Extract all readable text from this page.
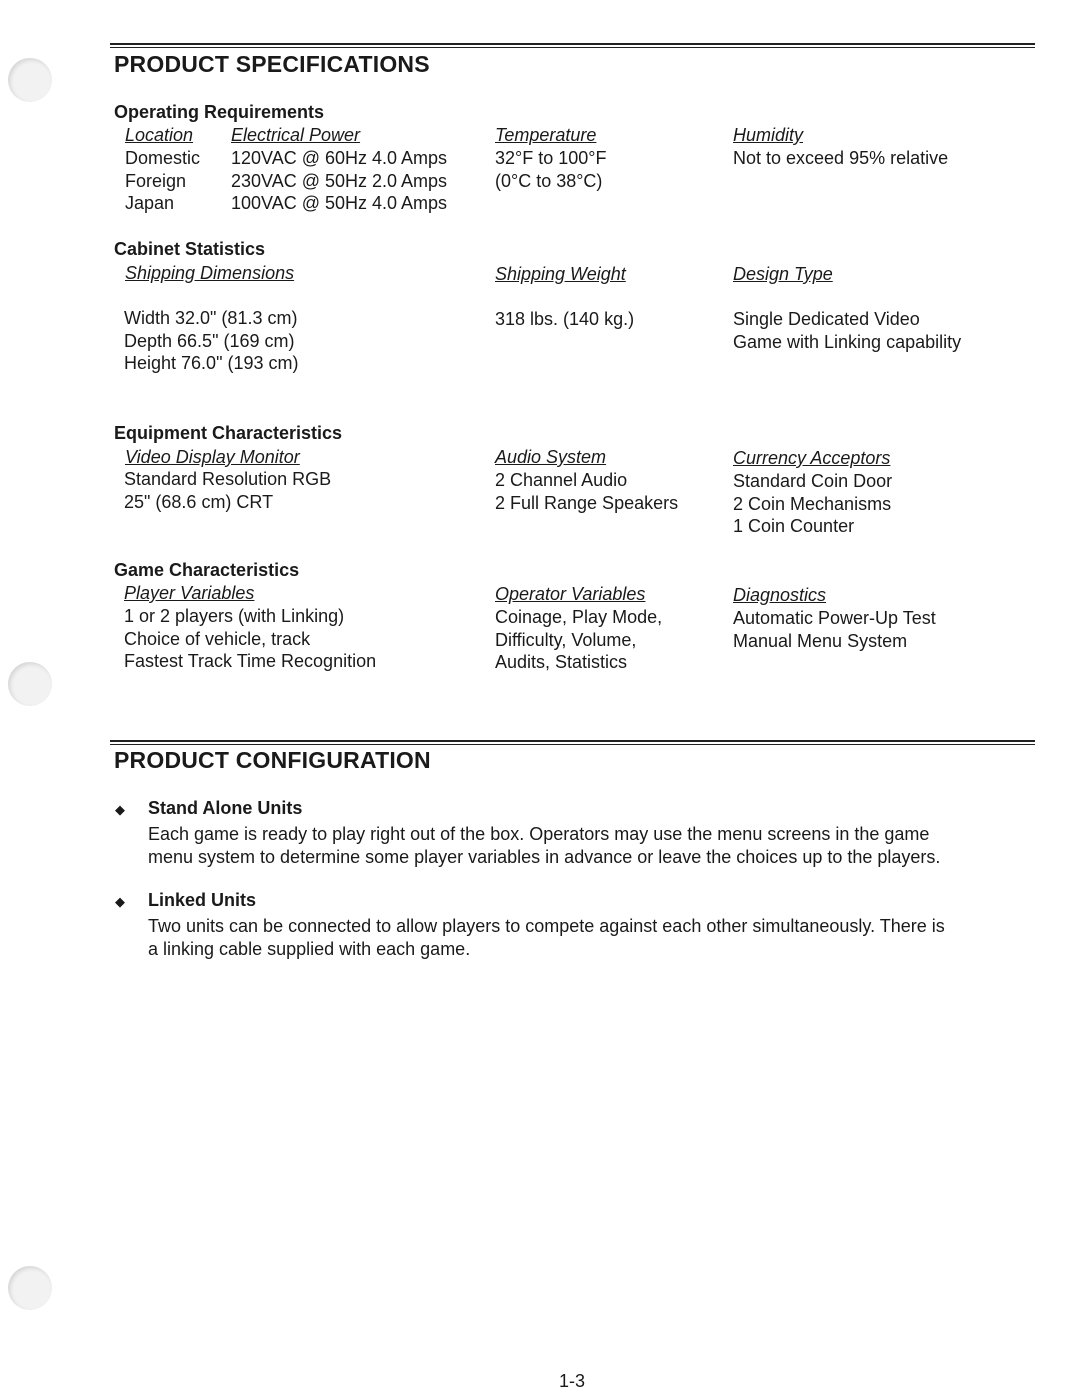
PRODUCT SPECIFICATIONS
Operating Requirements
Location Electrical Power
Domestic
Foreign
Japan
120VAC @ 60Hz 4.0 Amps
230VAC @ 50Hz 2.0 Amps
100VAC @ 50Hz 4.0 Amps
Temperature
32°F to 100°F
(0°C to 38°C)
Humidity
Not to exceed 95% relative
Cabinet Statistics
Shipping Dimensions
Width 32.0" (81.3 cm)
Depth 66.5" (169 cm)
Height 76.0" (193 cm)
Shipping Weight
318 lbs. (140 kg.)
Design Type
Single Dedicated Video
Game with Linking capability
Equipment Characteristics
Video Display Monitor
Standard Resolution RGB
25" (68.6 cm) CRT
Audio System
2 Channel Audio
2 Full Range Speakers
Currency Acceptors
Standard Coin Door
2 Coin Mechanisms
1 Coin Counter
Game Characteristics
Player Variables
1 or 2 players (with Linking)
Choice of vehicle, track
Fastest Track Time Recognition
Operator Variables
Coinage, Play Mode,
Difficulty, Volume,
Audits, Statistics
Diagnostics
Automatic Power-Up Test
Manual Menu System
PRODUCT CONFIGURATION
◆ Stand Alone Units
Each game is ready to play right out of the box. Operators may use the menu screens in the game
menu system to determine some player variables in advance or leave the choices up to the players.
◆ Linked Units
Two units can be connected to allow players to compete against each other simultaneously. There is
a linking cable supplied with each game.
1-3
